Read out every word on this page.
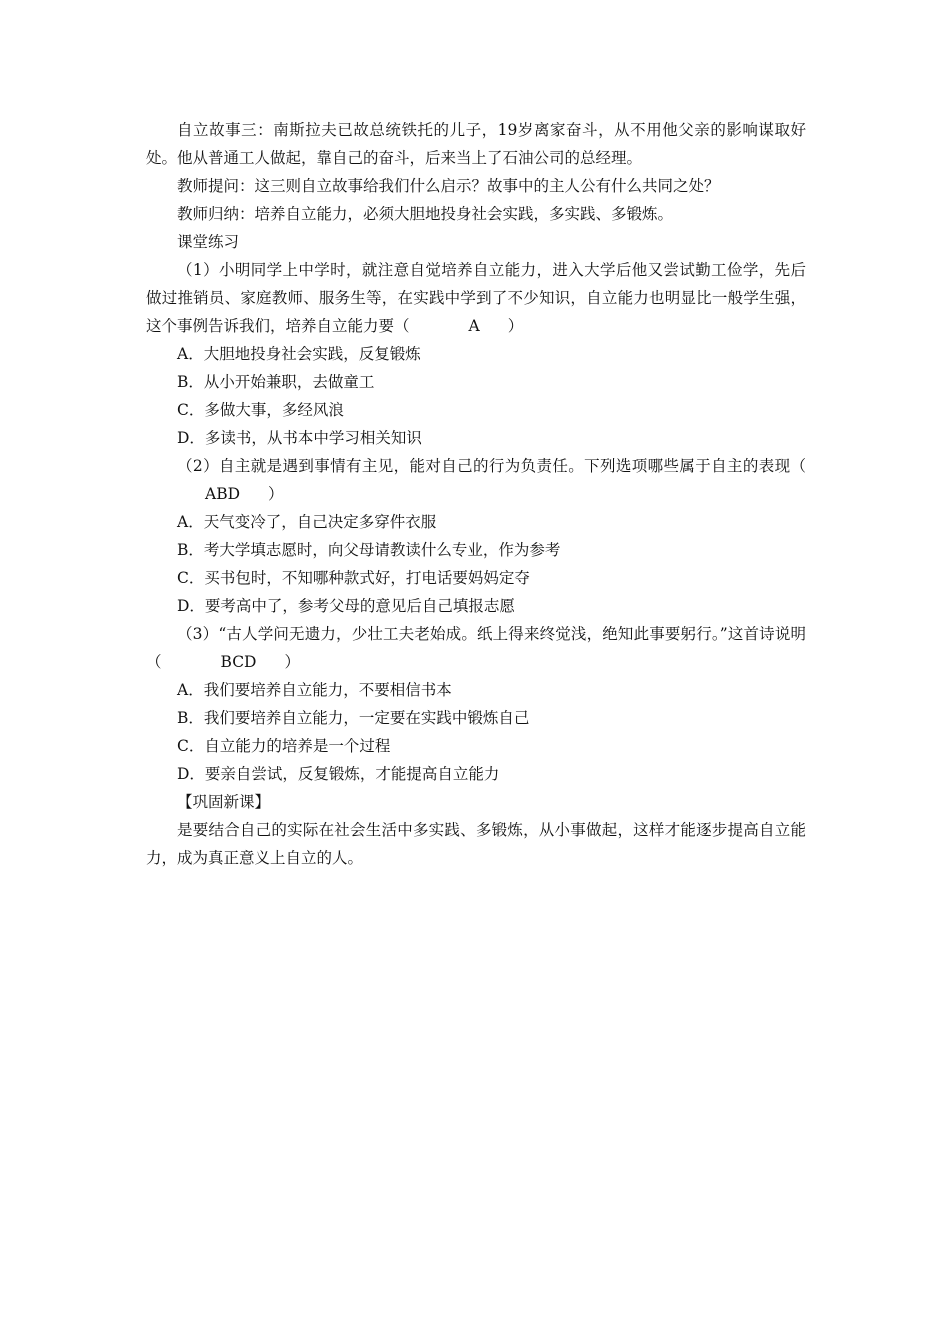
自立故事三：南斯拉夫已故总统铁托的儿子，19岁离家奋斗，从不用他父亲的影响谋取好处。他从普通工人做起，靠自己的奋斗，后来当上了石油公司的总经理。

教师提问：这三则自立故事给我们什么启示？故事中的主人公有什么共同之处？

教师归纳：培养自立能力，必须大胆地投身社会实践，多实践、多锻炼。

课堂练习

（1）小明同学上中学时，就注意自觉培养自立能力，进入大学后他又尝试勤工俭学，先后做过推销员、家庭教师、服务生等，在实践中学到了不少知识，自立能力也明显比一般学生强，这个事例告诉我们，培养自立能力要（	A ）

A．大胆地投身社会实践，反复锻炼

B．从小开始兼职，去做童工

C．多做大事，多经风浪

D．多读书，从书本中学习相关知识

（2）自主就是遇到事情有主见，能对自己的行为负责任。下列选项哪些属于自主的表现（ABD ）

A．天气变冷了，自己决定多穿件衣服

B．考大学填志愿时，向父母请教读什么专业，作为参考

C．买书包时，不知哪种款式好，打电话要妈妈定夺

D．要考高中了，参考父母的意见后自己填报志愿

（3）“古人学问无遗力，少壮工夫老始成。纸上得来终觉浅，绝知此事要躬行。”这首诗说明（	BCD ）

A．我们要培养自立能力，不要相信书本

B．我们要培养自立能力，一定要在实践中锻炼自己

C．自立能力的培养是一个过程

D．要亲自尝试，反复锻炼，才能提高自立能力

【巩固新课】

是要结合自己的实际在社会生活中多实践、多锻炼，从小事做起，这样才能逐步提高自立能力，成为真正意义上自立的人。
